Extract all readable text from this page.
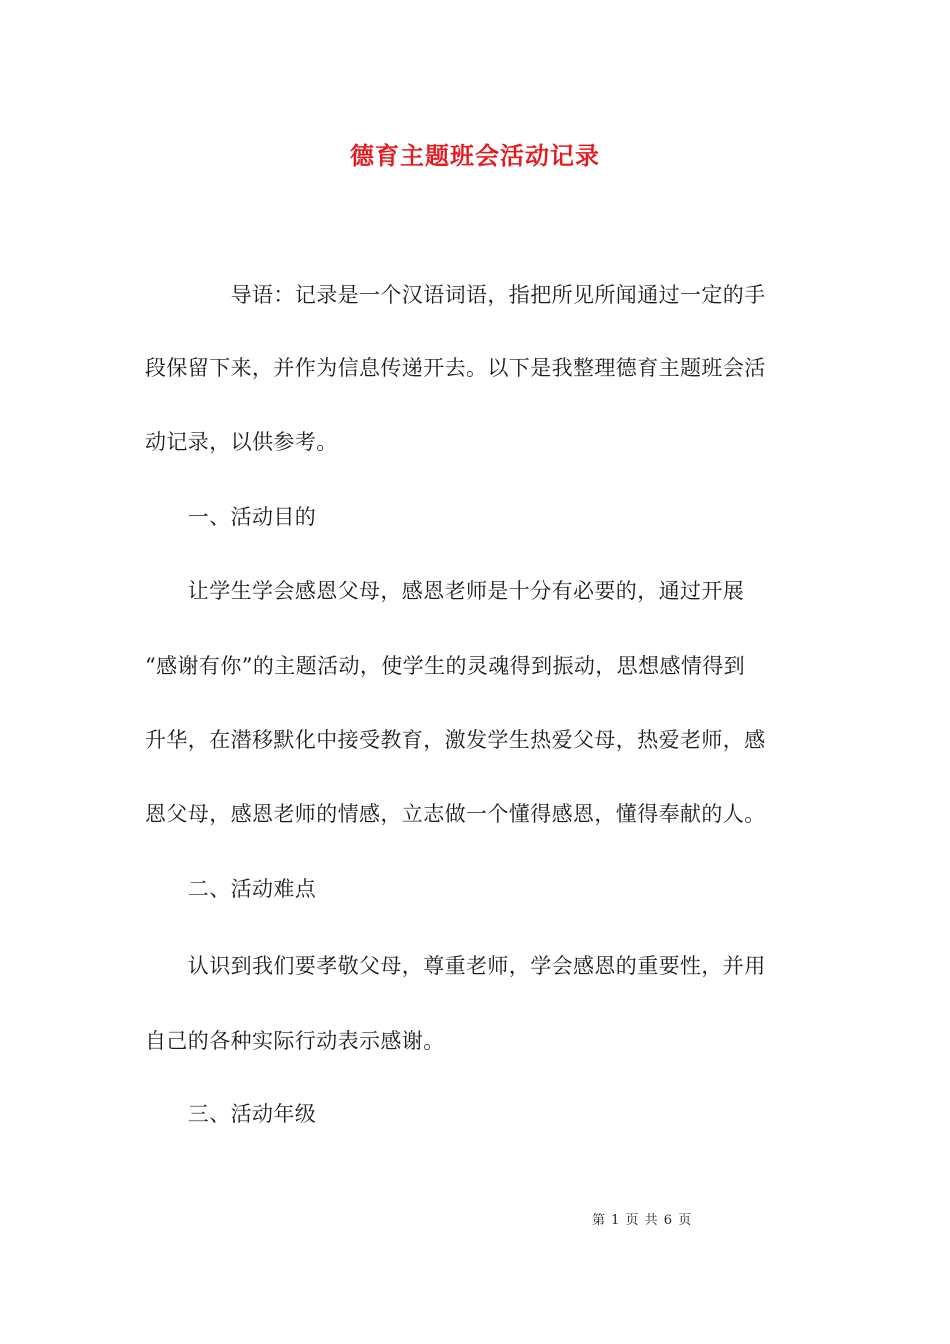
德育主题班会活动记录
　　　　导语：记录是一个汉语词语，指把所见所闻通过一定的手
段保留下来，并作为信息传递开去。以下是我整理德育主题班会活
动记录，以供参考。
　　一、活动目的
　　让学生学会感恩父母，感恩老师是十分有必要的，通过开展
“感谢有你”的主题活动，使学生的灵魂得到振动，思想感情得到
升华，在潜移默化中接受教育，激发学生热爱父母，热爱老师，感
恩父母，感恩老师的情感，立志做一个懂得感恩，懂得奉献的人。
　　二、活动难点
　　认识到我们要孝敬父母，尊重老师，学会感恩的重要性，并用
自己的各种实际行动表示感谢。
　　三、活动年级
第 1 页 共 6 页
